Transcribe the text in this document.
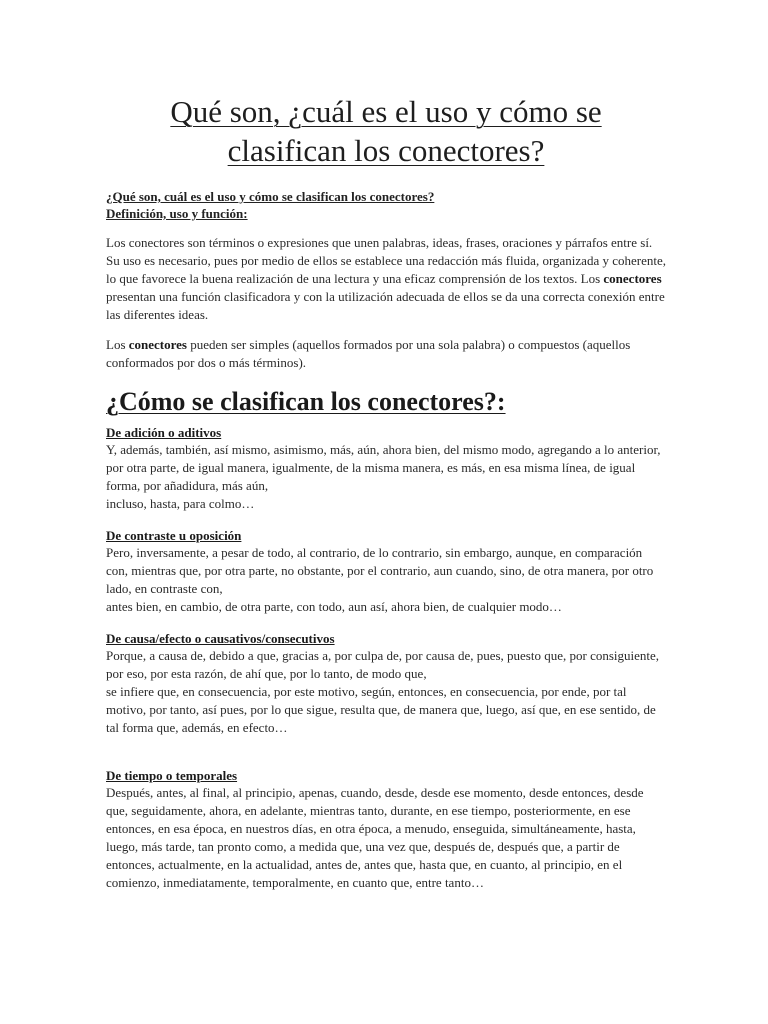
Qué son, ¿cuál es el uso y cómo se
clasifican los conectores?
¿Qué son, cuál es el uso y cómo se clasifican los conectores?
Definición, uso y función:

Los conectores son términos o expresiones que unen palabras, ideas, frases, oraciones y párrafos entre sí. Su uso es necesario, pues por medio de ellos se establece una redacción más fluida, organizada y coherente, lo que favorece la buena realización de una lectura y una eficaz comprensión de los textos. Los conectores presentan una función clasificadora y con la utilización adecuada de ellos se da una correcta conexión entre las diferentes ideas.

Los conectores pueden ser simples (aquellos formados por una sola palabra) o compuestos (aquellos conformados por dos o más términos).

¿Cómo se clasifican los conectores?:
De adición o aditivos
Y, además, también, así mismo, asimismo, más, aún, ahora bien, del mismo modo, agregando a lo anterior, por otra parte, de igual manera, igualmente, de la misma manera, es más, en esa misma línea, de igual forma, por añadidura, más aún,
incluso, hasta, para colmo…
De contraste u oposición
Pero, inversamente, a pesar de todo, al contrario, de lo contrario, sin embargo, aunque, en comparación con, mientras que, por otra parte, no obstante, por el contrario, aun cuando, sino, de otra manera, por otro lado, en contraste con,
antes bien, en cambio, de otra parte, con todo, aun así, ahora bien, de cualquier modo…
De causa/efecto o causativos/consecutivos
Porque, a causa de, debido a que, gracias a, por culpa de, por causa de, pues, puesto que, por consiguiente, por eso, por esta razón, de ahí que, por lo tanto, de modo que,
se infiere que, en consecuencia, por este motivo, según, entonces, en consecuencia, por ende, por tal motivo, por tanto, así pues, por lo que sigue, resulta que, de manera que, luego, así que, en ese sentido, de tal forma que, además, en efecto…
De tiempo o temporales
Después, antes, al final, al principio, apenas, cuando, desde, desde ese momento, desde entonces, desde que, seguidamente, ahora, en adelante, mientras tanto, durante, en ese tiempo, posteriormente, en ese entonces, en esa época, en nuestros días, en otra época, a menudo, enseguida, simultáneamente, hasta, luego, más tarde, tan pronto como, a medida que, una vez que, después de, después que, a partir de entonces, actualmente, en la actualidad, antes de, antes que, hasta que, en cuanto, al principio, en el comienzo, inmediatamente, temporalmente, en cuanto que, entre tanto…
